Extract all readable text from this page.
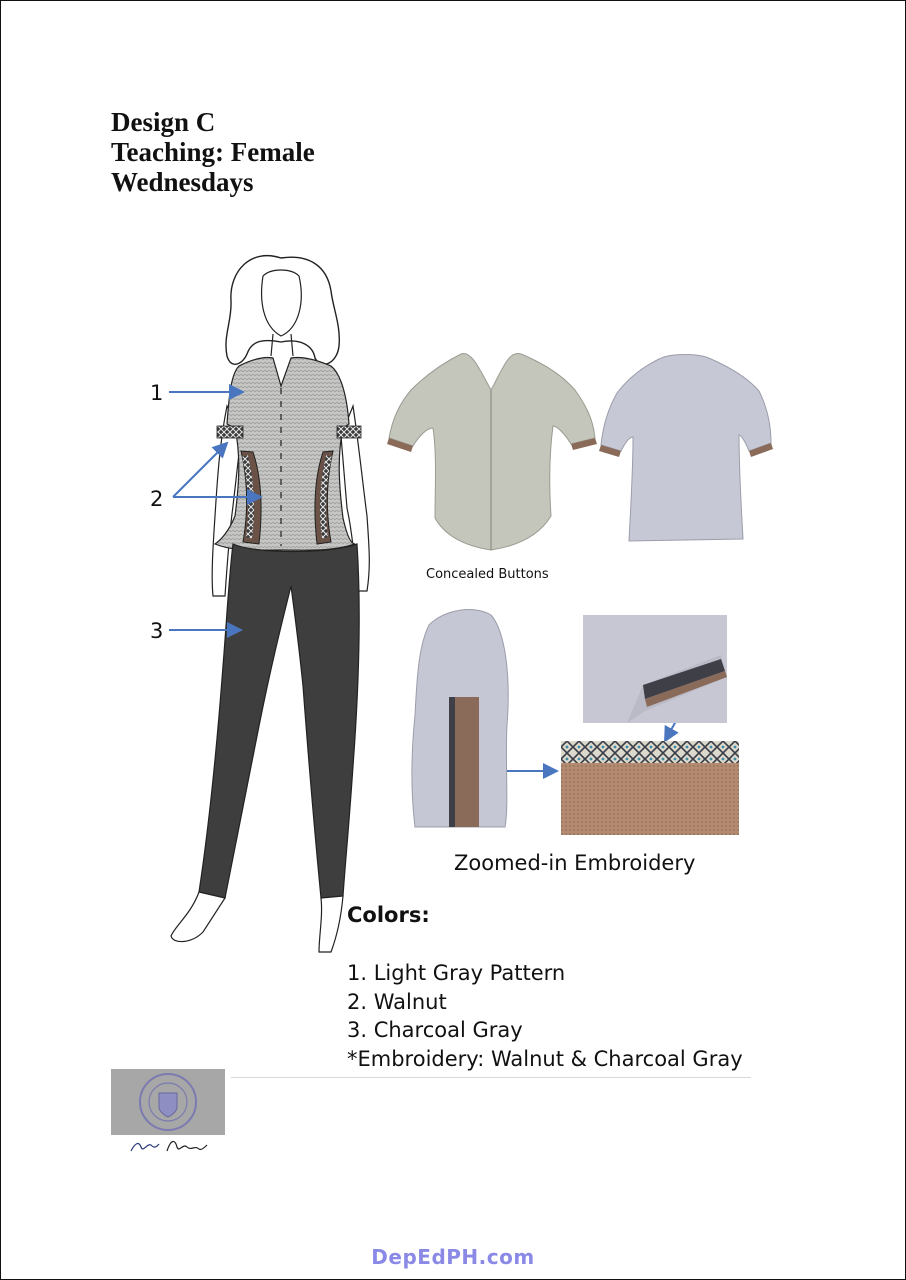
Design C
Teaching: Female
Wednesdays
1
2
3
Concealed Buttons
Zoomed-in Embroidery
Colors:
1. Light Gray Pattern
2. Walnut
3. Charcoal Gray
*Embroidery: Walnut & Charcoal Gray
DepEdPH.com
